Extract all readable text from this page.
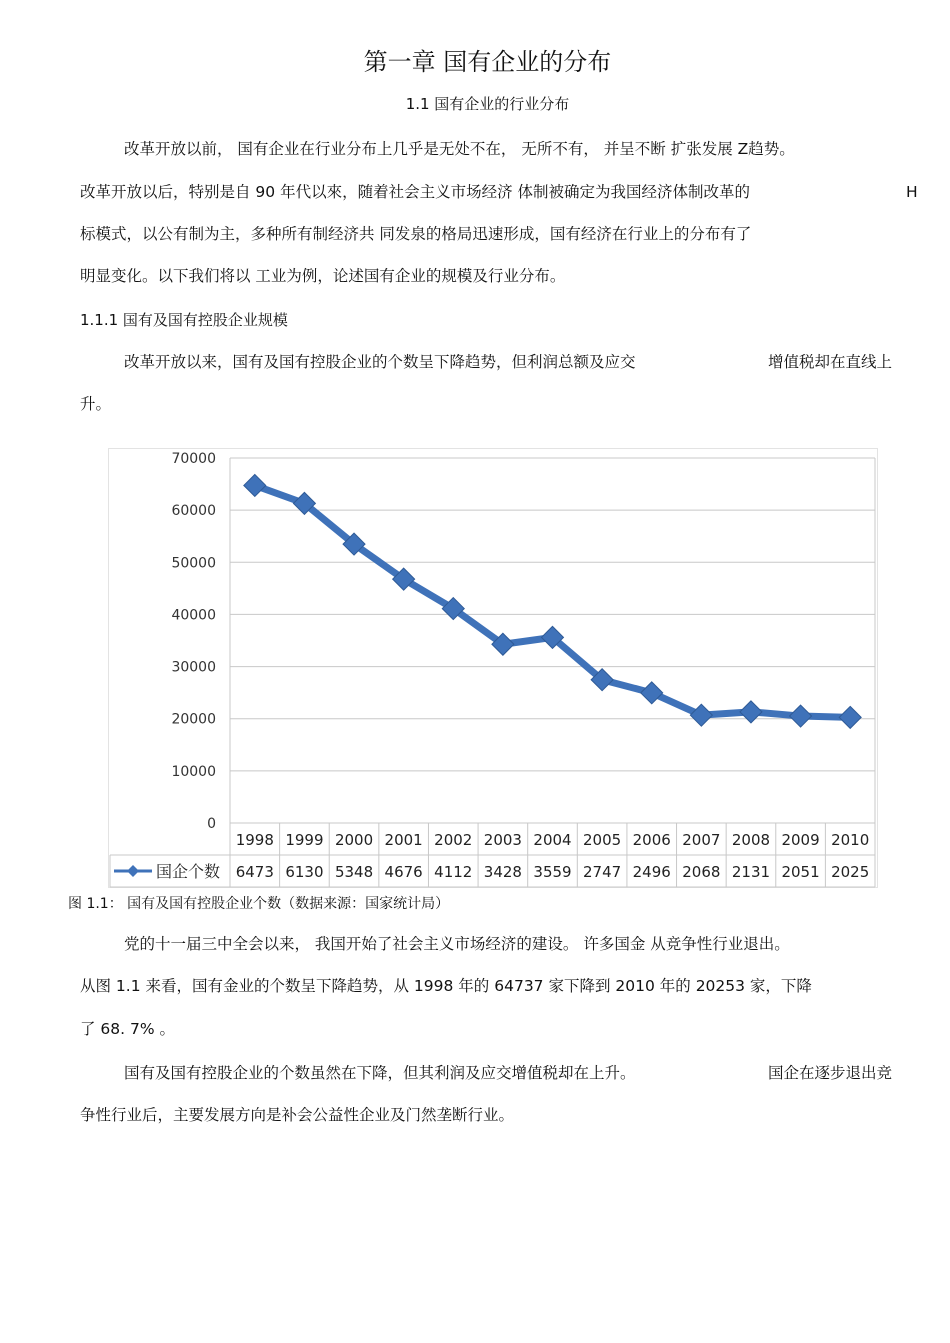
第一章 国有企业的分布
1.1 国有企业的行业分布
改革开放以前， 国有企业在行业分布上几乎是无处不在， 无所不有， 并呈不断 扩张发展 Z趋势。
改革开放以后，特别是自 90 年代以來，随着社会主义市场经济 体制被确定为我国经济体制改革的	H
标模式，以公有制为主，多种所有制经济共 同发泉的格局迅速形成，国有经济在行业上的分布有了
明显变化。以下我们将以 工业为例，论述国有企业的规模及行业分布。
1.1.1 国有及国有控股企业规模
改革开放以来，国有及国有控股企业的个数呈下降趋势，但利润总额及应交	增值税却在直线上
升。
70000
60000
50000
40000
30000
20000
10000
0
1998 1999 2000 2001 2002 2003 2004 2005 2006 2007 2008 2009 2010
6473 6130 5348 4676 4112 3428 3559 2747 2496 2068 2131 2051 2025
国企个数
图 1.1： 国有及国有控股企业个数（数据来源：国家统计局）
党的十一届三中全会以来， 我国开始了社会主义市场经济的建设。 许多国金 从竞争性行业退出。
从图 1.1 来看，国有金业的个数呈下降趋势，从 1998 年的 64737 家下降到 2010 年的 20253 家，下降
了 68. 7% 。
国有及国有控股企业的个数虽然在下降，但其利润及应交增值税却在上升。	国企在逐步退出竞
争性行业后，主要发展方向是补会公益性企业及门然垄断行业。
